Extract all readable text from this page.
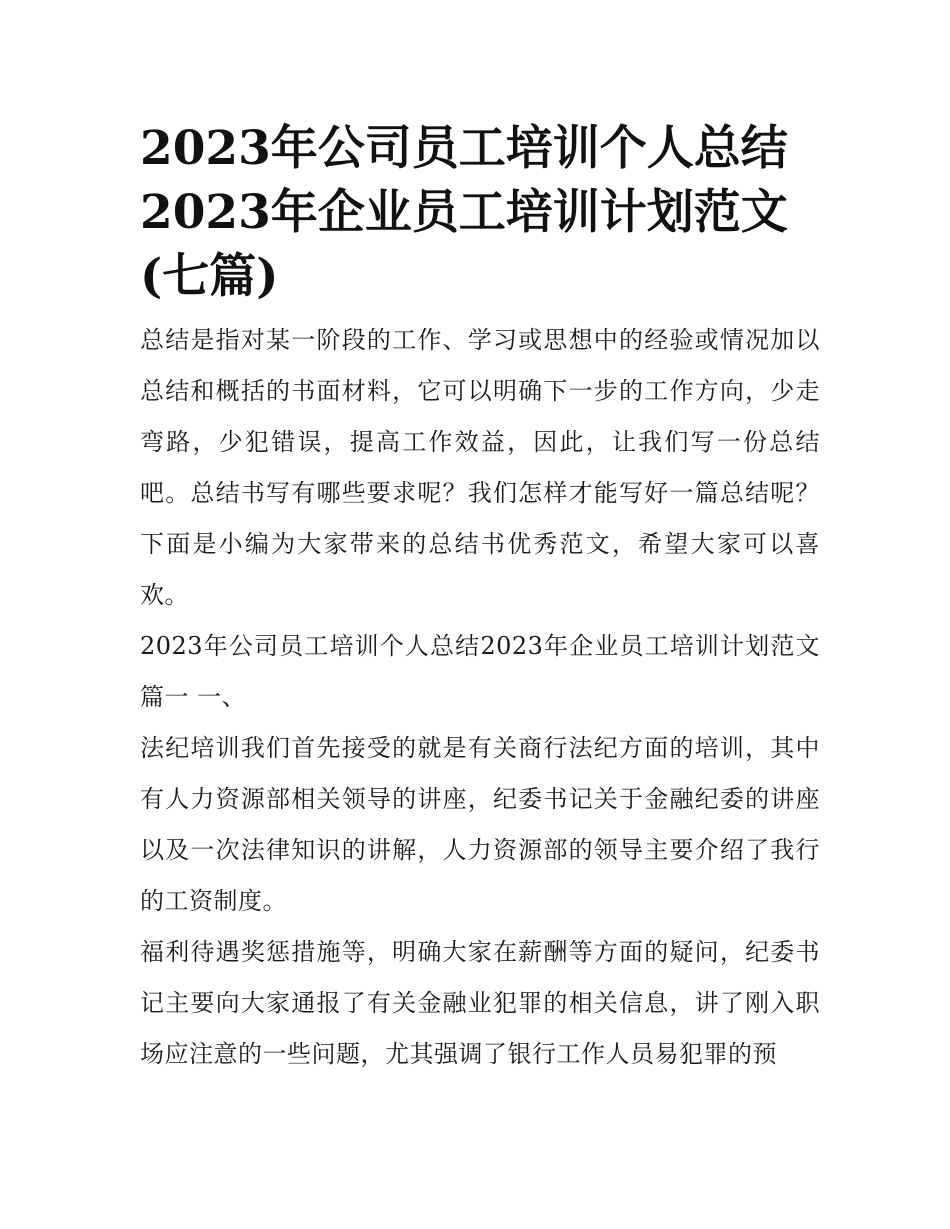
2023年公司员工培训个人总结2023年企业员工培训计划范文(七篇)

总结是指对某一阶段的工作、学习或思想中的经验或情况加以总结和概括的书面材料，它可以明确下一步的工作方向，少走弯路，少犯错误，提高工作效益，因此，让我们写一份总结吧。总结书写有哪些要求呢？我们怎样才能写好一篇总结呢？下面是小编为大家带来的总结书优秀范文，希望大家可以喜欢。

2023年公司员工培训个人总结2023年企业员工培训计划范文篇一 一、

法纪培训我们首先接受的就是有关商行法纪方面的培训，其中有人力资源部相关领导的讲座，纪委书记关于金融纪委的讲座以及一次法律知识的讲解，人力资源部的领导主要介绍了我行的工资制度。

福利待遇奖惩措施等，明确大家在薪酬等方面的疑问，纪委书记主要向大家通报了有关金融业犯罪的相关信息，讲了刚入职场应注意的一些问题，尤其强调了银行工作人员易犯罪的预
